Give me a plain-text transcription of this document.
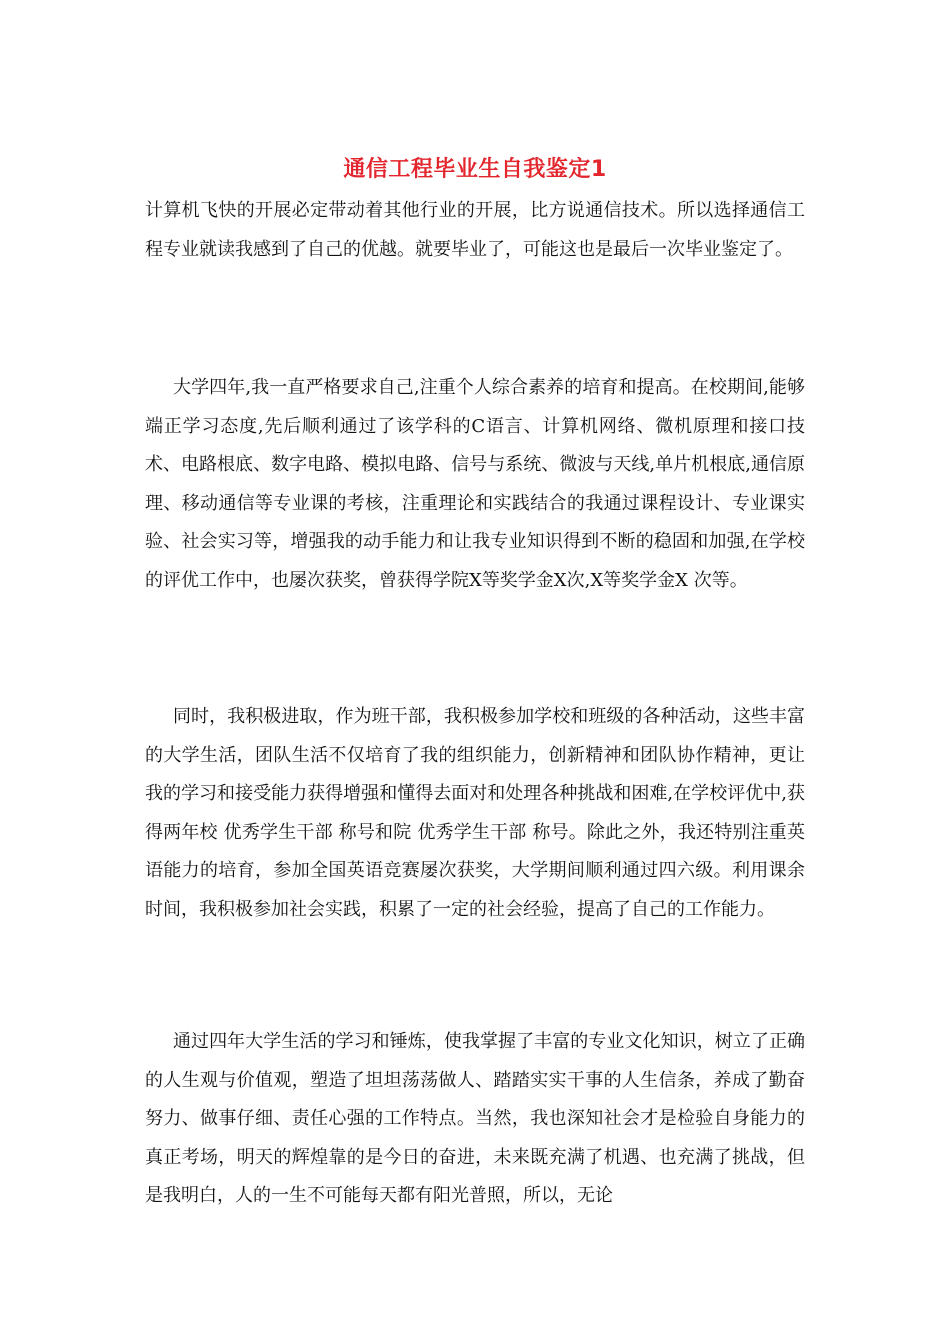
通信工程毕业生自我鉴定1

计算机飞快的开展必定带动着其他行业的开展，比方说通信技术。所以选择通信工程专业就读我感到了自己的优越。就要毕业了，可能这也是最后一次毕业鉴定了。

大学四年,我一直严格要求自己,注重个人综合素养的培育和提高。在校期间,能够端正学习态度,先后顺利通过了该学科的C语言、计算机网络、微机原理和接口技术、电路根底、数字电路、模拟电路、信号与系统、微波与天线,单片机根底,通信原理、移动通信等专业课的考核，注重理论和实践结合的我通过课程设计、专业课实验、社会实习等，增强我的动手能力和让我专业知识得到不断的稳固和加强,在学校的评优工作中，也屡次获奖，曾获得学院X等奖学金X次,X等奖学金X 次等。

同时，我积极进取，作为班干部，我积极参加学校和班级的各种活动，这些丰富的大学生活，团队生活不仅培育了我的组织能力，创新精神和团队协作精神，更让我的学习和接受能力获得增强和懂得去面对和处理各种挑战和困难,在学校评优中,获得两年校 优秀学生干部 称号和院 优秀学生干部 称号。除此之外，我还特别注重英语能力的培育，参加全国英语竞赛屡次获奖，大学期间顺利通过四六级。利用课余时间，我积极参加社会实践，积累了一定的社会经验，提高了自己的工作能力。

通过四年大学生活的学习和锤炼，使我掌握了丰富的专业文化知识，树立了正确的人生观与价值观，塑造了坦坦荡荡做人、踏踏实实干事的人生信条，养成了勤奋努力、做事仔细、责任心强的工作特点。当然，我也深知社会才是检验自身能力的真正考场，明天的辉煌靠的是今日的奋进，未来既充满了机遇、也充满了挑战，但是我明白，人的一生不可能每天都有阳光普照，所以，无论
